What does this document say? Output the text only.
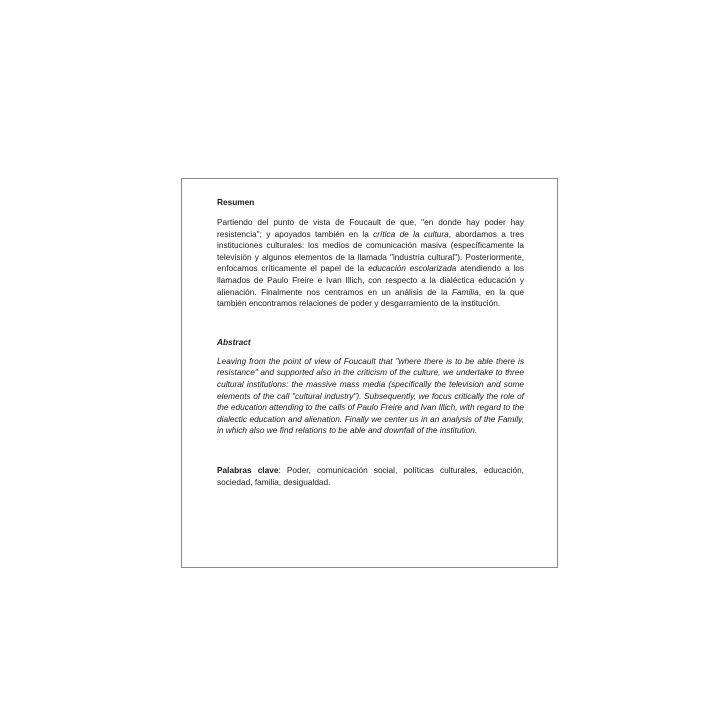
Resumen

Partiendo del punto de vista de Foucault de que, "en donde hay poder hay resistencia"; y apoyados también en la crítica de la cultura, abordamos a tres instituciones culturales: los medios de comunicación masiva (específicamente la televisión y algunos elementos de la llamada "industria cultural"). Posteriormente, enfocamos críticamente el papel de la educación escolarizada atendiendo a los llamados de Paulo Freire e Ivan Illich, con respecto a la dialéctica educación y alienación. Finalmente nos centramos en un análisis de la Familia, en la que también encontramos relaciones de poder y desgarramiento de la institución.

Abstract

Leaving from the point of view of Foucault that "where there is to be able there is resistance" and supported also in the criticism of the culture, we undertake to three cultural institutions: the massive mass media (specifically the television and some elements of the call "cultural industry"). Subsequently, we focus critically the role of the education attending to the calls of Paulo Freire and Ivan Illich, with regard to the dialectic education and alienation. Finally we center us in an analysis of the Family, in which also we find relations to be able and downfall of the institution.

Palabras clave: Poder, comunicación social, políticas culturales, educación, sociedad, familia, desigualdad.
